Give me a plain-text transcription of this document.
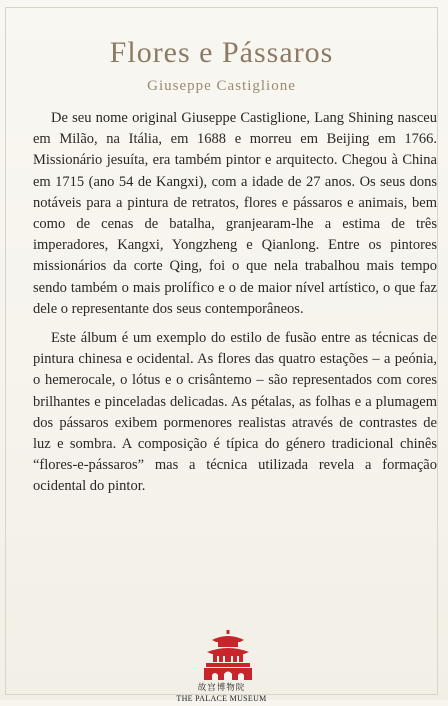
Flores e Pássaros
Giuseppe Castiglione

De seu nome original Giuseppe Castiglione, Lang Shining nasceu em Milão, na Itália, em 1688 e morreu em Beijing em 1766. Missionário jesuíta, era também pintor e arquitecto. Chegou à China em 1715 (ano 54 de Kangxi), com a idade de 27 anos. Os seus dons notáveis para a pintura de retratos, flores e pássaros e animais, bem como de cenas de batalha, granjearam-lhe a estima de três imperadores, Kangxi, Yongzheng e Qianlong. Entre os pintores missionários da corte Qing, foi o que nela trabalhou mais tempo sendo também o mais prolífico e o de maior nível artístico, o que faz dele o representante dos seus contemporâneos.

Este álbum é um exemplo do estilo de fusão entre as técnicas de pintura chinesa e ocidental. As flores das quatro estações – a peónia, o hemerocale, o lótus e o crisântemo – são representados com cores brilhantes e pinceladas delicadas. As pétalas, as folhas e a plumagem dos pássaros exibem pormenores realistas através de contrastes de luz e sombra. A composição é típica do género tradicional chinês “flores-e-pássaros” mas a técnica utilizada revela a formação ocidental do pintor.

故宫博物院
THE PALACE MUSEUM
